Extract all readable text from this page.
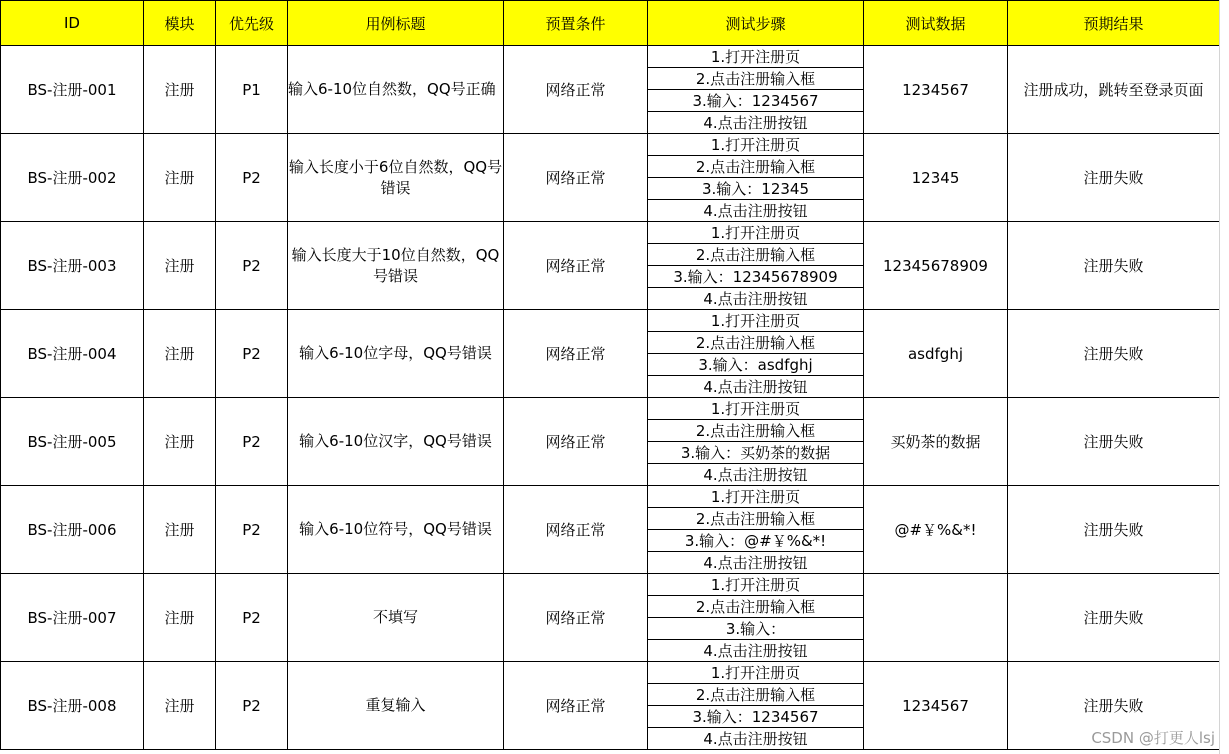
ID	模块	优先级	用例标题	预置条件	测试步骤	测试数据	预期结果
BS-注册-001	注册	P1	输入6-10位自然数，QQ号正确	网络正常	1.打开注册页
2.点击注册输入框
3.输入：1234567
4.点击注册按钮	1234567	注册成功，跳转至登录页面
BS-注册-002	注册	P2	输入长度小于6位自然数，QQ号错误	网络正常	1.打开注册页
2.点击注册输入框
3.输入：12345
4.点击注册按钮	12345	注册失败
BS-注册-003	注册	P2	输入长度大于10位自然数，QQ号错误	网络正常	1.打开注册页
2.点击注册输入框
3.输入：12345678909
4.点击注册按钮	12345678909	注册失败
BS-注册-004	注册	P2	输入6-10位字母，QQ号错误	网络正常	1.打开注册页
2.点击注册输入框
3.输入：asdfghj
4.点击注册按钮	asdfghj	注册失败
BS-注册-005	注册	P2	输入6-10位汉字，QQ号错误	网络正常	1.打开注册页
2.点击注册输入框
3.输入：买奶茶的数据
4.点击注册按钮	买奶茶的数据	注册失败
BS-注册-006	注册	P2	输入6-10位符号，QQ号错误	网络正常	1.打开注册页
2.点击注册输入框
3.输入：@#￥%&*!
4.点击注册按钮	@#￥%&*!	注册失败
BS-注册-007	注册	P2	不填写	网络正常	1.打开注册页
2.点击注册输入框
3.输入：
4.点击注册按钮		注册失败
BS-注册-008	注册	P2	重复输入	网络正常	1.打开注册页
2.点击注册输入框
3.输入：1234567
4.点击注册按钮	1234567	注册失败
CSDN @打更人lsj
